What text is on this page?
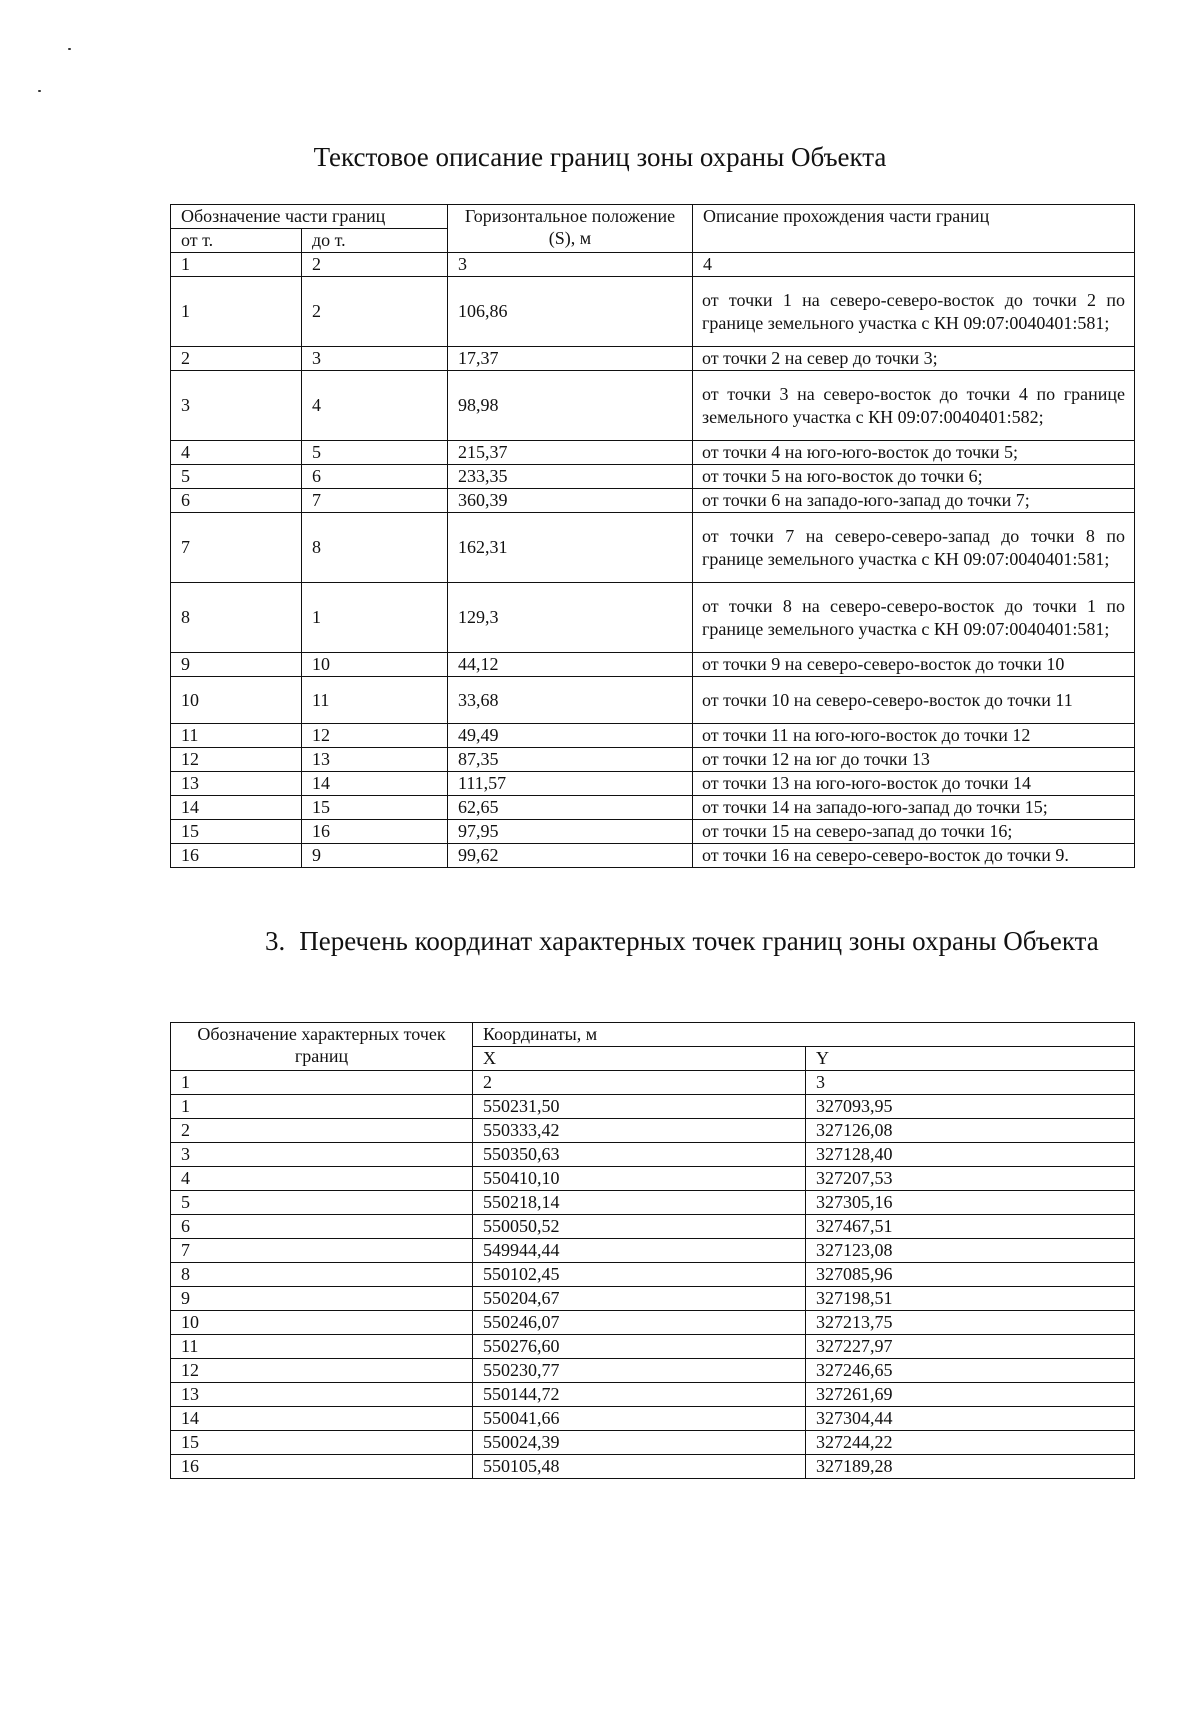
Текстовое описание границ зоны охраны Объекта
Обозначение части границ		Горизонтальное положение (S), м	Описание прохождения части границ
от т.	до т.		
1	2	3	4
1	2	106,86	от точки 1 на северо-северо-восток до точки 2 по границе земельного участка с КН 09:07:0040401:581;
2	3	17,37	от точки 2 на север до точки 3;
3	4	98,98	от точки 3 на северо-восток до точки 4 по границе земельного участка с КН 09:07:0040401:582;
4	5	215,37	от точки 4 на юго-юго-восток до точки 5;
5	6	233,35	от точки 5 на юго-восток до точки 6;
6	7	360,39	от точки 6 на западо-юго-запад до точки 7;
7	8	162,31	от точки 7 на северо-северо-запад до точки 8 по границе земельного участка с КН 09:07:0040401:581;
8	1	129,3	от точки 8 на северо-северо-восток до точки 1 по границе земельного участка с КН 09:07:0040401:581;
9	10	44,12	от точки 9 на северо-северо-восток до точки 10
10	11	33,68	от точки 10 на северо-северо-восток до точки 11
11	12	49,49	от точки 11 на юго-юго-восток до точки 12
12	13	87,35	от точки 12 на юг до точки 13
13	14	111,57	от точки 13 на юго-юго-восток до точки 14
14	15	62,65	от точки 14 на западо-юго-запад до точки 15;
15	16	97,95	от точки 15 на северо-запад до точки 16;
16	9	99,62	от точки 16 на северо-северо-восток до точки 9.
3. Перечень координат характерных точек границ зоны охраны Объекта
Обозначение характерных точек границ	Координаты, м	
	X	Y
1	2	3
1	550231,50	327093,95
2	550333,42	327126,08
3	550350,63	327128,40
4	550410,10	327207,53
5	550218,14	327305,16
6	550050,52	327467,51
7	549944,44	327123,08
8	550102,45	327085,96
9	550204,67	327198,51
10	550246,07	327213,75
11	550276,60	327227,97
12	550230,77	327246,65
13	550144,72	327261,69
14	550041,66	327304,44
15	550024,39	327244,22
16	550105,48	327189,28
